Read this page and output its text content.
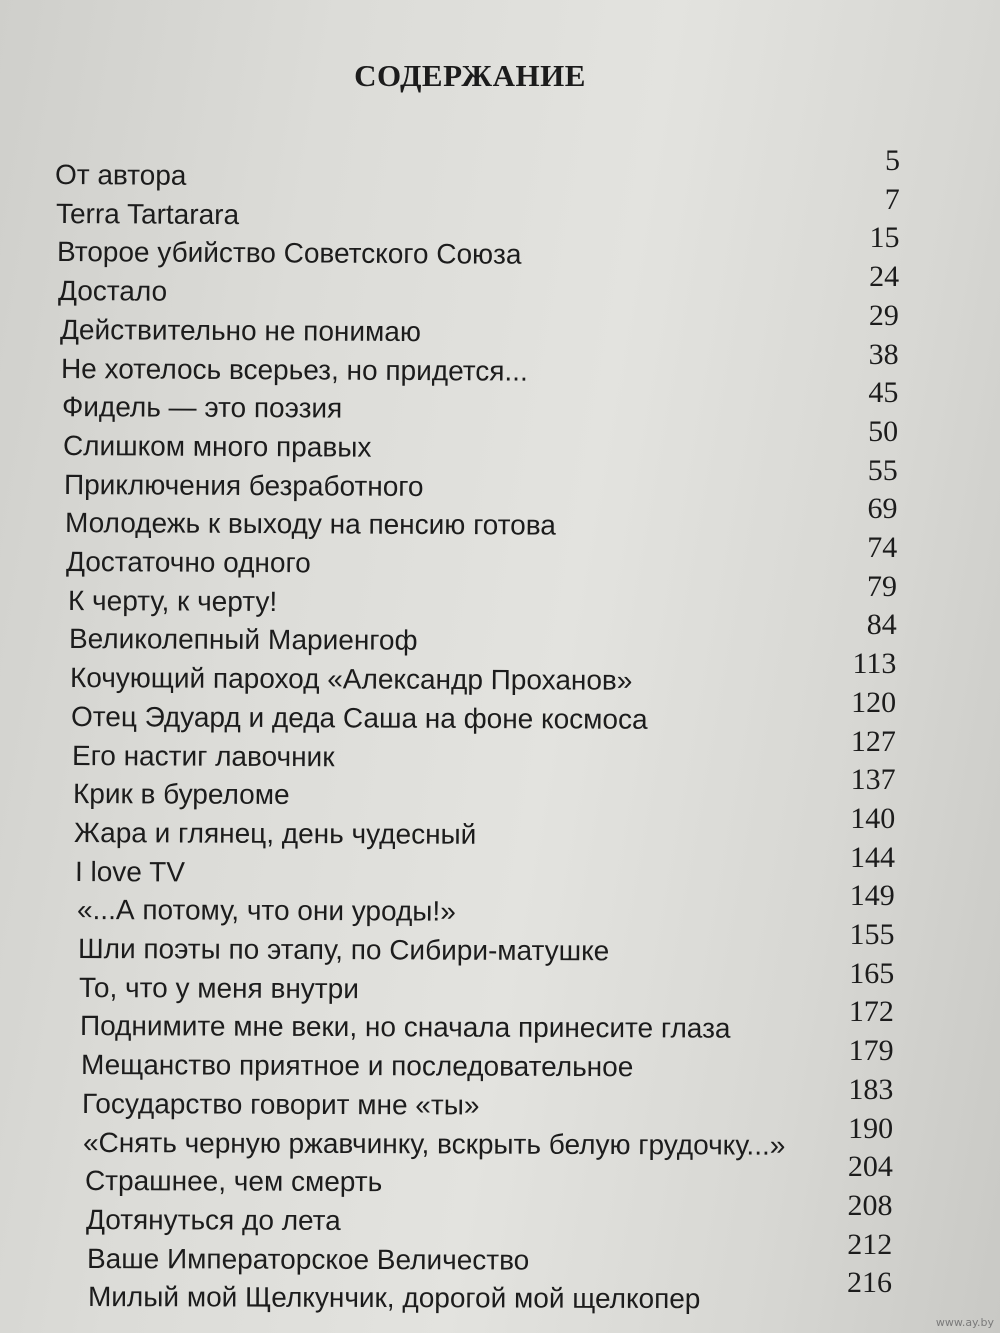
СОДЕРЖАНИЕ
От автора	5
Terra Tartarara	7
Второе убийство Советского Союза	15
Достало	24
Действительно не понимаю	29
Не хотелось всерьез, но придется...	38
Фидель — это поэзия	45
Слишком много правых	50
Приключения безработного	55
Молодежь к выходу на пенсию готова	69
Достаточно одного	74
К черту, к черту!	79
Великолепный Мариенгоф	84
Кочующий пароход «Александр Проханов»	113
Отец Эдуард и деда Саша на фоне космоса	120
Его настиг лавочник	127
Крик в буреломе	137
Жара и глянец, день чудесный	140
I love TV	144
«...А потому, что они уроды!»	149
Шли поэты по этапу, по Сибири-матушке	155
То, что у меня внутри	165
Поднимите мне веки, но сначала принесите глаза	172
Мещанство приятное и последовательное	179
Государство говорит мне «ты»	183
«Снять черную ржавчинку, вскрыть белую грудочку...»	190
Страшнее, чем смерть	204
Дотянуться до лета	208
Ваше Императорское Величество	212
Милый мой Щелкунчик, дорогой мой щелкопер	216
www.ay.by
